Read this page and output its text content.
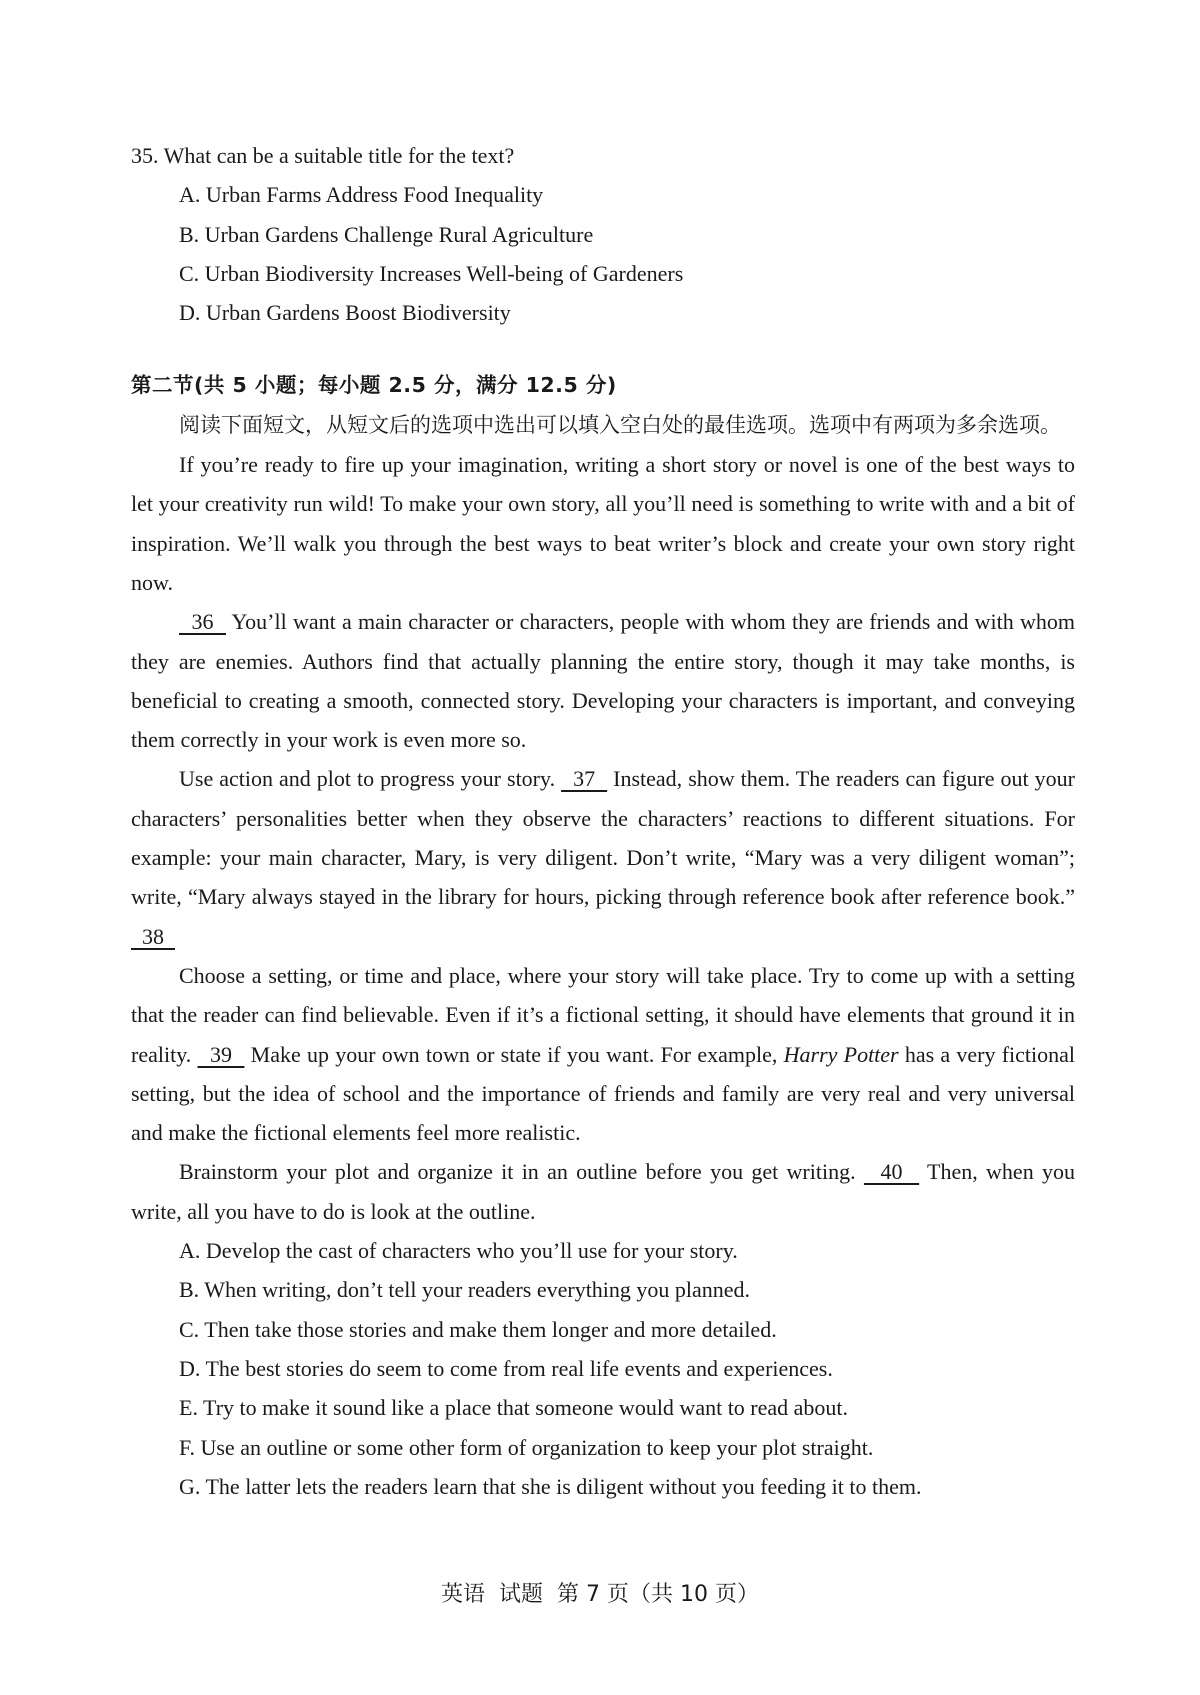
35. What can be a suitable title for the text?
A. Urban Farms Address Food Inequality
B. Urban Gardens Challenge Rural Agriculture
C. Urban Biodiversity Increases Well-being of Gardeners
D. Urban Gardens Boost Biodiversity
第二节(共 5 小题；每小题 2.5 分，满分 12.5 分)
阅读下面短文，从短文后的选项中选出可以填入空白处的最佳选项。选项中有两项为多余选项。
If you’re ready to fire up your imagination, writing a short story or novel is one of the best ways to let your creativity run wild! To make your own story, all you’ll need is something to write with and a bit of inspiration. We’ll walk you through the best ways to beat writer’s block and create your own story right now.
36   You’ll want a main character or characters, people with whom they are friends and with whom they are enemies. Authors find that actually planning the entire story, though it may take months, is beneficial to creating a smooth, connected story. Developing your characters is important, and conveying them correctly in your work is even more so.
Use action and plot to progress your story.   37   Instead, show them. The readers can figure out your characters’ personalities better when they observe the characters’ reactions to different situations. For example: your main character, Mary, is very diligent. Don’t write, “Mary was a very diligent woman”; write, “Mary always stayed in the library for hours, picking through reference book after reference book.”   38
Choose a setting, or time and place, where your story will take place. Try to come up with a setting that the reader can find believable. Even if it’s a fictional setting, it should have elements that ground it in reality.   39   Make up your own town or state if you want. For example, Harry Potter has a very fictional setting, but the idea of school and the importance of friends and family are very real and very universal and make the fictional elements feel more realistic.
Brainstorm your plot and organize it in an outline before you get writing.   40   Then, when you write, all you have to do is look at the outline.
A. Develop the cast of characters who you’ll use for your story.
B. When writing, don’t tell your readers everything you planned.
C. Then take those stories and make them longer and more detailed.
D. The best stories do seem to come from real life events and experiences.
E. Try to make it sound like a place that someone would want to read about.
F. Use an outline or some other form of organization to keep your plot straight.
G. The latter lets the readers learn that she is diligent without you feeding it to them.
英语  试题  第 7 页（共 10 页）
